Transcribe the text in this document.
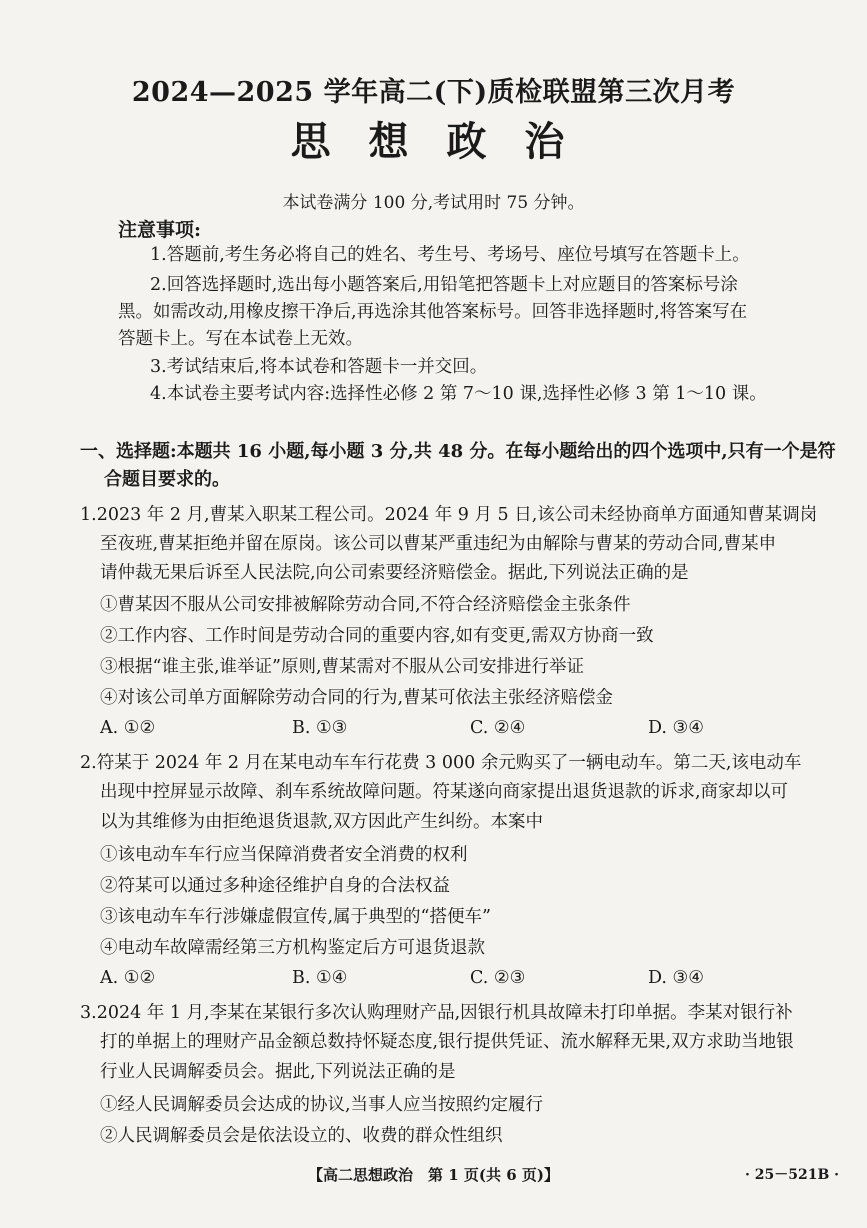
2024—2025 学年高二(下)质检联盟第三次月考
思 想 政 治
本试卷满分 100 分,考试用时 75 分钟。
注意事项:
1.答题前,考生务必将自己的姓名、考生号、考场号、座位号填写在答题卡上。
2.回答选择题时,选出每小题答案后,用铅笔把答题卡上对应题目的答案标号涂
黑。如需改动,用橡皮擦干净后,再选涂其他答案标号。回答非选择题时,将答案写在
答题卡上。写在本试卷上无效。
3.考试结束后,将本试卷和答题卡一并交回。
4.本试卷主要考试内容:选择性必修 2 第 7～10 课,选择性必修 3 第 1～10 课。
一、选择题:本题共 16 小题,每小题 3 分,共 48 分。在每小题给出的四个选项中,只有一个是符
合题目要求的。
1.2023 年 2 月,曹某入职某工程公司。2024 年 9 月 5 日,该公司未经协商单方面通知曹某调岗
至夜班,曹某拒绝并留在原岗。该公司以曹某严重违纪为由解除与曹某的劳动合同,曹某申
请仲裁无果后诉至人民法院,向公司索要经济赔偿金。据此,下列说法正确的是
①曹某因不服从公司安排被解除劳动合同,不符合经济赔偿金主张条件
②工作内容、工作时间是劳动合同的重要内容,如有变更,需双方协商一致
③根据“谁主张,谁举证”原则,曹某需对不服从公司安排进行举证
④对该公司单方面解除劳动合同的行为,曹某可依法主张经济赔偿金
A. ①②	B. ①③	C. ②④	D. ③④
2.符某于 2024 年 2 月在某电动车车行花费 3 000 余元购买了一辆电动车。第二天,该电动车
出现中控屏显示故障、刹车系统故障问题。符某遂向商家提出退货退款的诉求,商家却以可
以为其维修为由拒绝退货退款,双方因此产生纠纷。本案中
①该电动车车行应当保障消费者安全消费的权利
②符某可以通过多种途径维护自身的合法权益
③该电动车车行涉嫌虚假宣传,属于典型的“搭便车”
④电动车故障需经第三方机构鉴定后方可退货退款
A. ①②	B. ①④	C. ②③	D. ③④
3.2024 年 1 月,李某在某银行多次认购理财产品,因银行机具故障未打印单据。李某对银行补
打的单据上的理财产品金额总数持怀疑态度,银行提供凭证、流水解释无果,双方求助当地银
行业人民调解委员会。据此,下列说法正确的是
①经人民调解委员会达成的协议,当事人应当按照约定履行
②人民调解委员会是依法设立的、收费的群众性组织
【高二思想政治　第 1 页(共 6 页)】	· 25－521B ·
